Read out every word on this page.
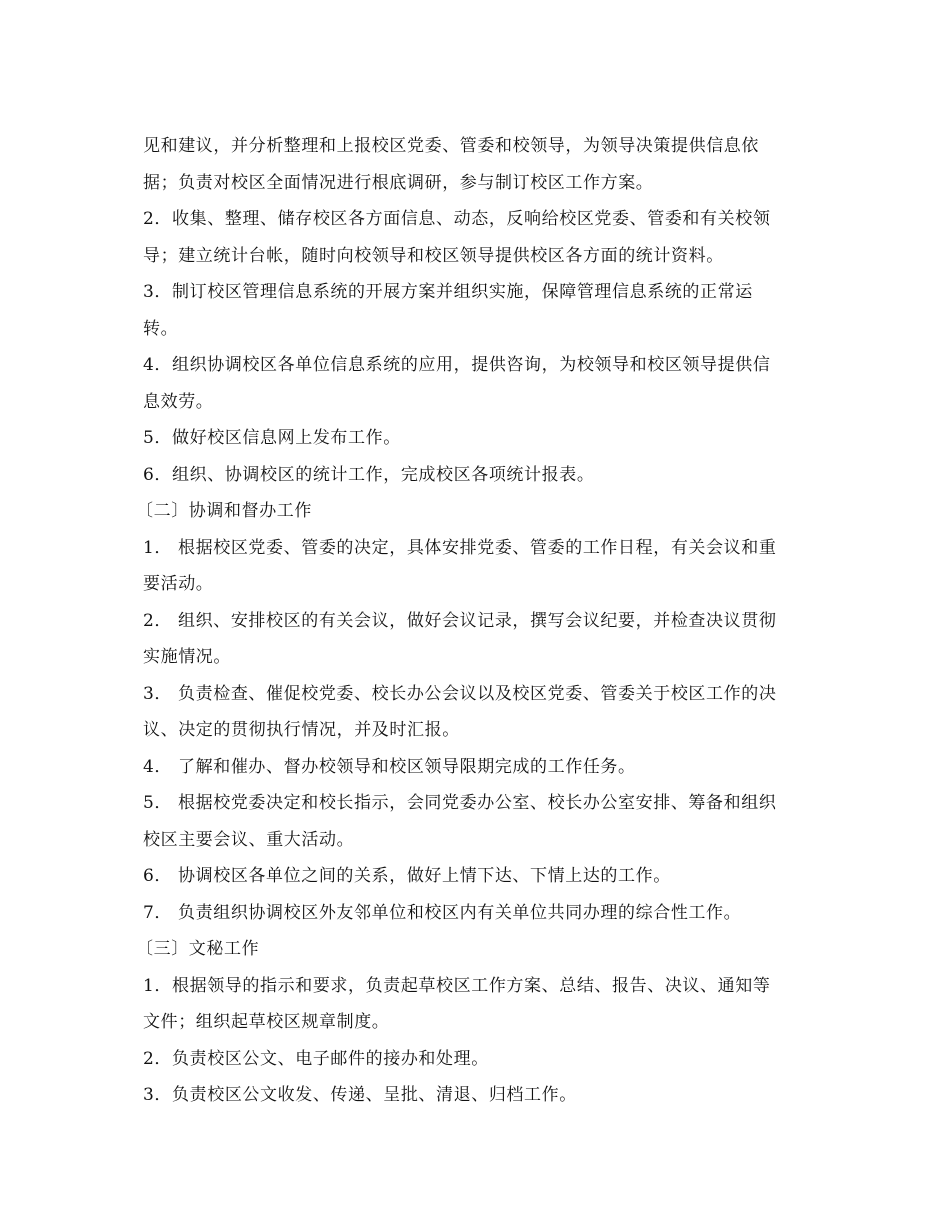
见和建议，并分析整理和上报校区党委、管委和校领导，为领导决策提供信息依
据；负责对校区全面情况进行根底调研，参与制订校区工作方案。
2．收集、整理、储存校区各方面信息、动态，反响给校区党委、管委和有关校领
导；建立统计台帐，随时向校领导和校区领导提供校区各方面的统计资料。
3．制订校区管理信息系统的开展方案并组织实施，保障管理信息系统的正常运
转。
4．组织协调校区各单位信息系统的应用，提供咨询，为校领导和校区领导提供信
息效劳。
5．做好校区信息网上发布工作。
6．组织、协调校区的统计工作，完成校区各项统计报表。
〔二〕协调和督办工作
1． 根据校区党委、管委的决定，具体安排党委、管委的工作日程，有关会议和重
要活动。
2． 组织、安排校区的有关会议，做好会议记录，撰写会议纪要，并检查决议贯彻
实施情况。
3． 负责检查、催促校党委、校长办公会议以及校区党委、管委关于校区工作的决
议、决定的贯彻执行情况，并及时汇报。
4． 了解和催办、督办校领导和校区领导限期完成的工作任务。
5． 根据校党委决定和校长指示，会同党委办公室、校长办公室安排、筹备和组织
校区主要会议、重大活动。
6． 协调校区各单位之间的关系，做好上情下达、下情上达的工作。
7． 负责组织协调校区外友邻单位和校区内有关单位共同办理的综合性工作。
〔三〕文秘工作
1．根据领导的指示和要求，负责起草校区工作方案、总结、报告、决议、通知等
文件；组织起草校区规章制度。
2．负责校区公文、电子邮件的接办和处理。
3．负责校区公文收发、传递、呈批、清退、归档工作。
